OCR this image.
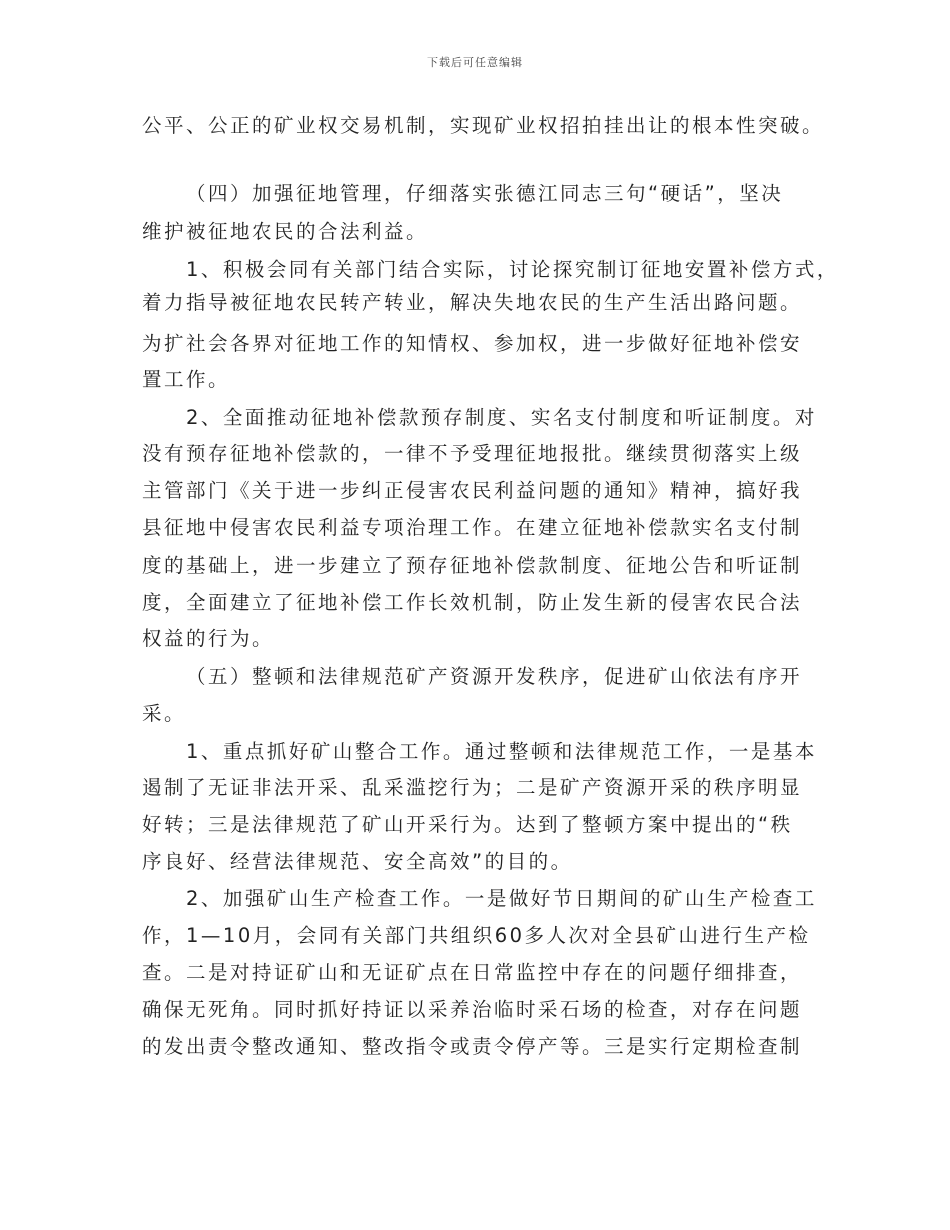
下载后可任意编辑
公平、公正的矿业权交易机制，实现矿业权招拍挂出让的根本性突破。
（四）加强征地管理，仔细落实张德江同志三句“硬话”，坚决
维护被征地农民的合法利益。
1、积极会同有关部门结合实际，讨论探究制订征地安置补偿方式，
着力指导被征地农民转产转业，解决失地农民的生产生活出路问题。
为扩社会各界对征地工作的知情权、参加权，进一步做好征地补偿安
置工作。
2、全面推动征地补偿款预存制度、实名支付制度和听证制度。对
没有预存征地补偿款的，一律不予受理征地报批。继续贯彻落实上级
主管部门《关于进一步纠正侵害农民利益问题的通知》精神，搞好我
县征地中侵害农民利益专项治理工作。在建立征地补偿款实名支付制
度的基础上，进一步建立了预存征地补偿款制度、征地公告和听证制
度，全面建立了征地补偿工作长效机制，防止发生新的侵害农民合法
权益的行为。
（五）整顿和法律规范矿产资源开发秩序，促进矿山依法有序开
采。
1、重点抓好矿山整合工作。通过整顿和法律规范工作，一是基本
遏制了无证非法开采、乱采滥挖行为；二是矿产资源开采的秩序明显
好转；三是法律规范了矿山开采行为。达到了整顿方案中提出的“秩
序良好、经营法律规范、安全高效”的目的。
2、加强矿山生产检查工作。一是做好节日期间的矿山生产检查工
作，1—10月，会同有关部门共组织60多人次对全县矿山进行生产检
查。二是对持证矿山和无证矿点在日常监控中存在的问题仔细排查，
确保无死角。同时抓好持证以采养治临时采石场的检查，对存在问题
的发出责令整改通知、整改指令或责令停产等。三是实行定期检查制
